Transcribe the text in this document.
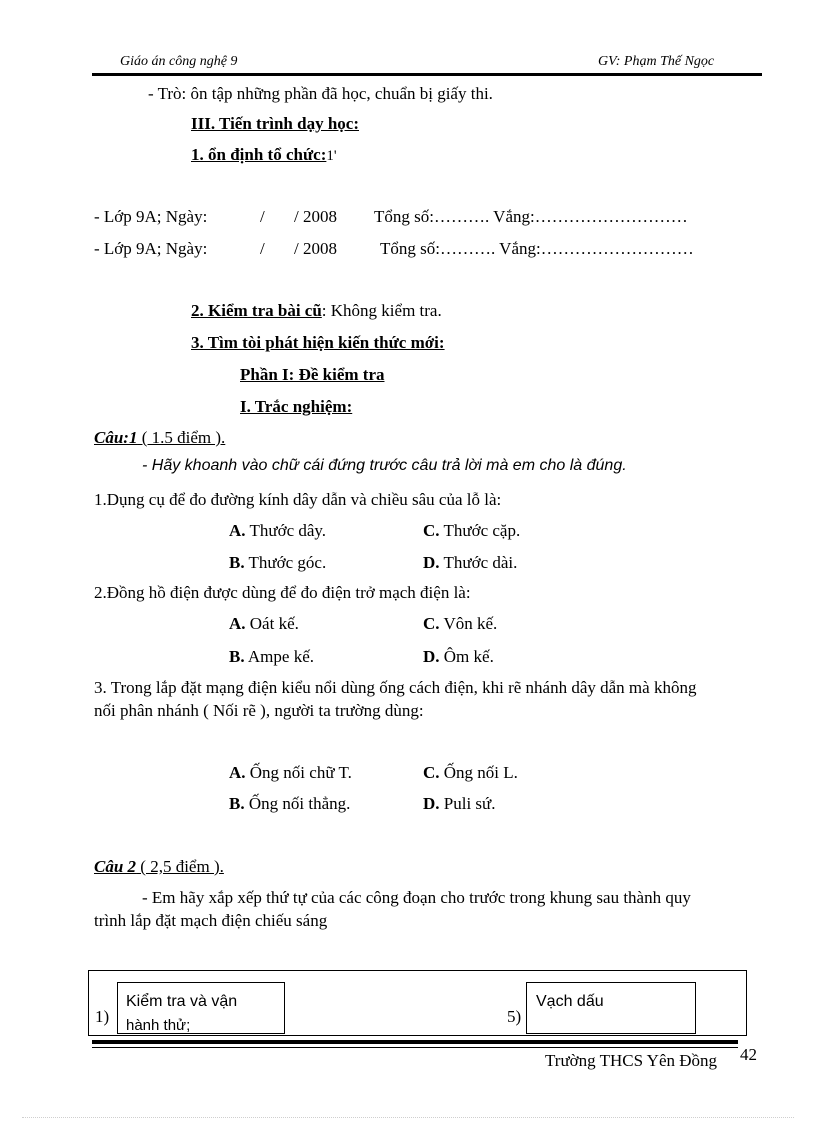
Giáo án công nghệ 9	GV: Phạm Thế Ngọc
- Trò: ôn tập những phần đã học, chuẩn bị giấy thi.
III. Tiến trình dạy học:
1. ổn định tổ chức:1'
- Lớp 9A; Ngày:	/ / 2008 Tổng số:………. Vắng:………………………
- Lớp 9A; Ngày:	/ / 2008	Tổng số:………. Vắng:………………………
2. Kiểm tra bài cũ: Không kiểm tra.
3. Tìm tòi phát hiện kiến thức mới:
Phần I: Đề kiểm tra
I. Trắc nghiệm:
Câu:1 ( 1.5 điểm ).
- Hãy khoanh vào chữ cái đứng trước câu trả lời mà em cho là đúng.
1.Dụng cụ để đo đường kính dây dẫn và chiều sâu của lỗ là:
A. Thước dây.	C. Thước cặp.
B. Thước góc.	D. Thước dài.
2.Đồng hồ điện được dùng để đo điện trở mạch điện là:
A. Oát kế.	C. Vôn kế.
B. Ampe kế.	D. Ôm kế.
3. Trong lắp đặt mạng điện kiểu nổi dùng ống cách điện, khi rẽ nhánh dây dẫn mà không
nối phân nhánh ( Nối rẽ ), người ta trường dùng:
A. Ống nối chữ T.	C. Ống nối L.
B. Ống nối thẳng.	D. Puli sứ.
Câu 2 ( 2,5 điểm ).
- Em hãy xắp xếp thứ tự của các công đoạn cho trước trong khung sau thành quy
trình lắp đặt mạch điện chiếu sáng
1)
Kiểm tra và vận
hành thử;	5)
Vạch dấu
Trường THCS Yên Đồng 42
